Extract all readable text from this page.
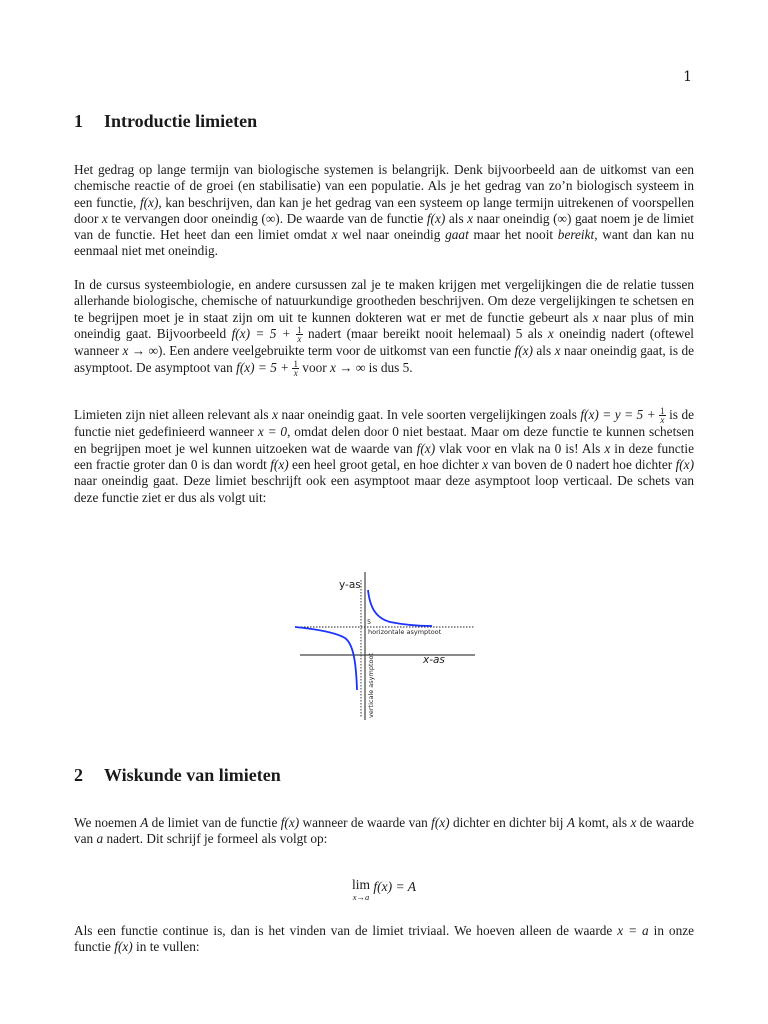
1
1 Introductie limieten

Het gedrag op lange termijn van biologische systemen is belangrijk. Denk bijvoorbeeld aan de uitkomst van een chemische reactie of de groei (en stabilisatie) van een populatie. Als je het gedrag van zo’n biologisch systeem in een functie, f(x), kan beschrijven, dan kan je het gedrag van een systeem op lange termijn uitrekenen of voorspellen door x te vervangen door oneindig (∞). De waarde van de functie f(x) als x naar oneindig (∞) gaat noem je de limiet van de functie. Het heet dan een limiet omdat x wel naar oneindig gaat maar het nooit bereikt, want dan kan nu eenmaal niet met oneindig.

In de cursus systeembiologie, en andere cursussen zal je te maken krijgen met vergelijkingen die de relatie tussen allerhande biologische, chemische of natuurkundige grootheden beschrijven. Om deze vergelijkingen te schetsen en te begrijpen moet je in staat zijn om uit te kunnen dokteren wat er met de functie gebeurt als x naar plus of min oneindig gaat. Bijvoorbeeld $f(x) = 5 + \frac{1}{x}$ nadert (maar bereikt nooit helemaal) 5 als x oneindig nadert (oftewel wanneer x → ∞). Een andere veelgebruikte term voor de uitkomst van een functie f(x) als x naar oneindig gaat, is de asymptoot. De asymptoot van $f(x) = 5 + \frac{1}{x}$ voor x → ∞ is dus 5.

Limieten zijn niet alleen relevant als x naar oneindig gaat. In vele soorten vergelijkingen zoals $f(x) = y = 5 + \frac{1}{x}$ is de functie niet gedefinieerd wanneer x = 0, omdat delen door 0 niet bestaat. Maar om deze functie te kunnen schetsen en begrijpen moet je wel kunnen uitzoeken wat de waarde van f(x) vlak voor en vlak na 0 is! Als x in deze functie een fractie groter dan 0 is dan wordt f(x) een heel groot getal, en hoe dichter x van boven de 0 nadert hoe dichter f(x) naar oneindig gaat. Deze limiet beschrijft ook een asymptoot maar deze asymptoot loop verticaal. De schets van deze functie ziet er dus als volgt uit:

y-as
x-as
5
horizontale asymptoot
verticale asymptoot
2 Wiskunde van limieten

We noemen A de limiet van de functie f(x) wanneer de waarde van f(x) dichter en dichter bij A komt, als x de waarde van a nadert. Dit schrijf je formeel als volgt op:

lim
x→a
f(x) = A

Als een functie continue is, dan is het vinden van de limiet triviaal. We hoeven alleen de waarde x = a in onze functie f(x) in te vullen:
